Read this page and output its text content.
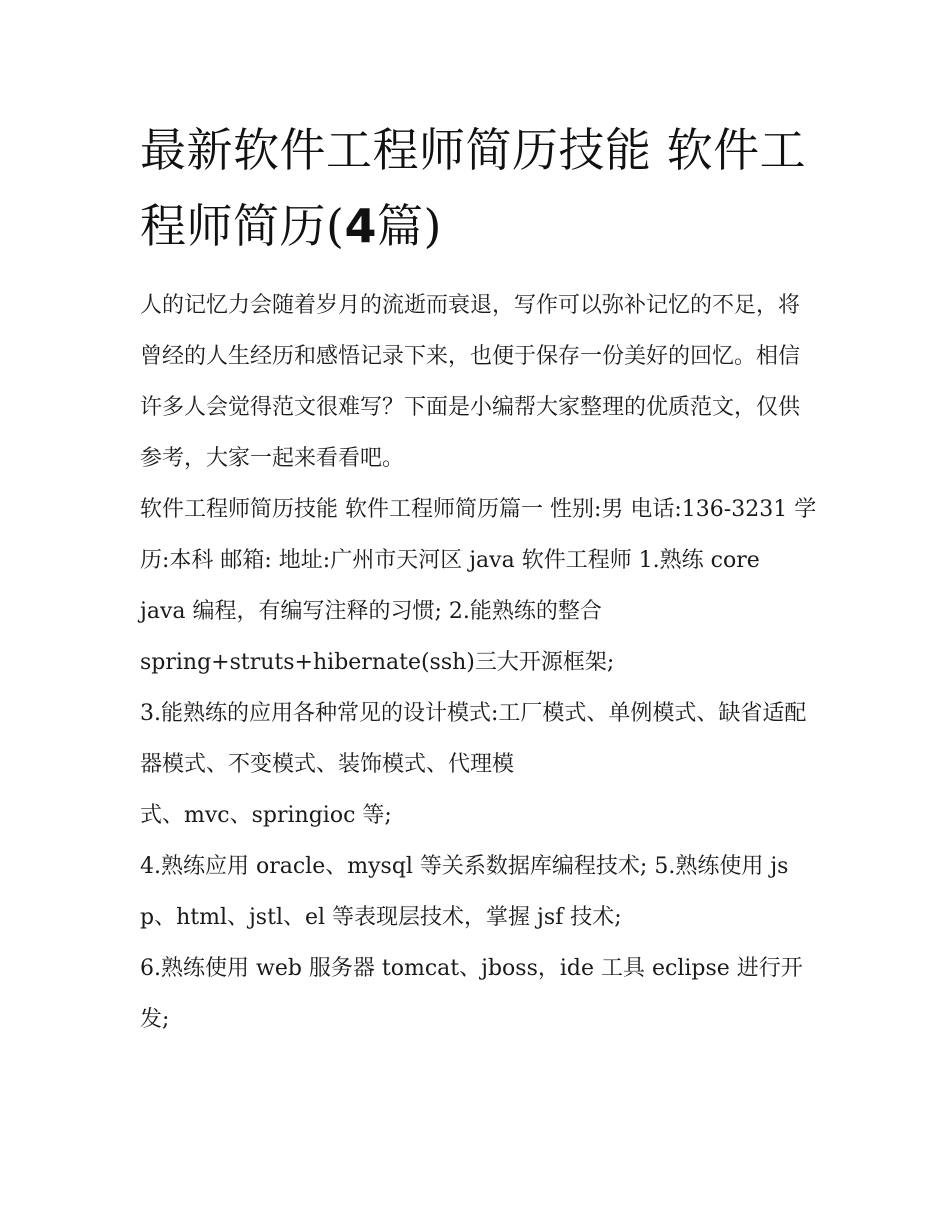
最新软件工程师简历技能 软件工程师简历(4篇)

人的记忆力会随着岁月的流逝而衰退，写作可以弥补记忆的不足，将曾经的人生经历和感悟记录下来，也便于保存一份美好的回忆。相信许多人会觉得范文很难写？下面是小编帮大家整理的优质范文，仅供参考，大家一起来看看吧。

软件工程师简历技能 软件工程师简历篇一 性别:男 电话:136-3231 学历:本科 邮箱: 地址:广州市天河区 java 软件工程师 1.熟练 core

java 编程，有编写注释的习惯; 2.能熟练的整合

spring+struts+hibernate(ssh)三大开源框架;

3.能熟练的应用各种常见的设计模式:工厂模式、单例模式、缺省适配器模式、不变模式、装饰模式、代理模

式、mvc、springioc 等;

4.熟练应用 oracle、mysql 等关系数据库编程技术; 5.熟练使用 jsp、html、jstl、el 等表现层技术，掌握 jsf 技术;

6.熟练使用 web 服务器 tomcat、jboss，ide 工具 eclipse 进行开发;
